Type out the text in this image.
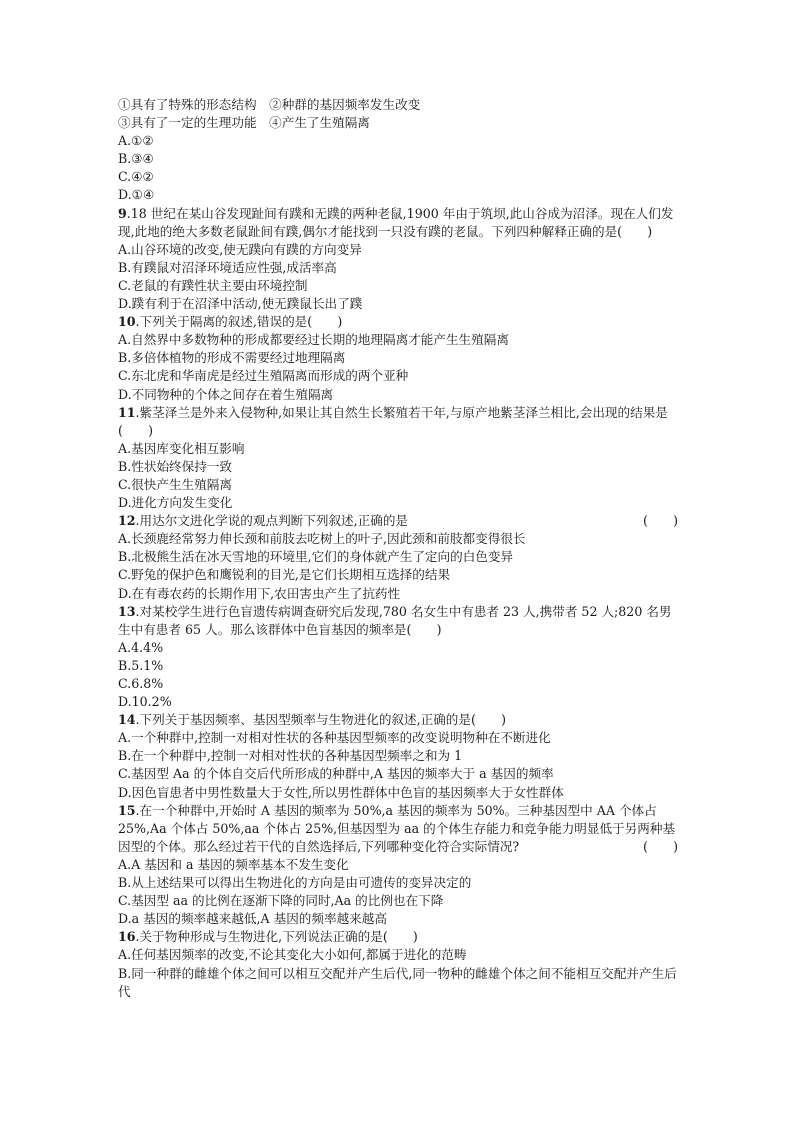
①具有了特殊的形态结构　②种群的基因频率发生改变
③具有了一定的生理功能　④产生了生殖隔离
A.①②
B.③④
C.④②
D.①④
9.18 世纪在某山谷发现趾间有蹼和无蹼的两种老鼠,1900 年由于筑坝,此山谷成为沼泽。现在人们发现,此地的绝大多数老鼠趾间有蹼,偶尔才能找到一只没有蹼的老鼠。下列四种解释正确的是(　　)
A.山谷环境的改变,使无蹼向有蹼的方向变异
B.有蹼鼠对沼泽环境适应性强,成活率高
C.老鼠的有蹼性状主要由环境控制
D.蹼有利于在沼泽中活动,使无蹼鼠长出了蹼
10.下列关于隔离的叙述,错误的是(　　)
A.自然界中多数物种的形成都要经过长期的地理隔离才能产生生殖隔离
B.多倍体植物的形成不需要经过地理隔离
C.东北虎和华南虎是经过生殖隔离而形成的两个亚种
D.不同物种的个体之间存在着生殖隔离
11.紫茎泽兰是外来入侵物种,如果让其自然生长繁殖若干年,与原产地紫茎泽兰相比,会出现的结果是(　　)
A.基因库变化相互影响
B.性状始终保持一致
C.很快产生生殖隔离
D.进化方向发生变化
12.用达尔文进化学说的观点判断下列叙述,正确的是	(　　)
A.长颈鹿经常努力伸长颈和前肢去吃树上的叶子,因此颈和前肢都变得很长
B.北极熊生活在冰天雪地的环境里,它们的身体就产生了定向的白色变异
C.野兔的保护色和鹰锐利的目光,是它们长期相互选择的结果
D.在有毒农药的长期作用下,农田害虫产生了抗药性
13.对某校学生进行色盲遗传病调查研究后发现,780 名女生中有患者 23 人,携带者 52 人;820 名男生中有患者 65 人。那么该群体中色盲基因的频率是(　　)
A.4.4%
B.5.1%
C.6.8%
D.10.2%
14.下列关于基因频率、基因型频率与生物进化的叙述,正确的是(　　)
A.一个种群中,控制一对相对性状的各种基因型频率的改变说明物种在不断进化
B.在一个种群中,控制一对相对性状的各种基因型频率之和为 1
C.基因型 Aa 的个体自交后代所形成的种群中,A 基因的频率大于 a 基因的频率
D.因色盲患者中男性数量大于女性,所以男性群体中色盲的基因频率大于女性群体
15.在一个种群中,开始时 A 基因的频率为 50%,a 基因的频率为 50%。三种基因型中 AA 个体占 25%,Aa 个体占 50%,aa 个体占 25%,但基因型为 aa 的个体生存能力和竞争能力明显低于另两种基因型的个体。那么经过若干代的自然选择后,下列哪种变化符合实际情况?	(　　)
A.A 基因和 a 基因的频率基本不发生变化
B.从上述结果可以得出生物进化的方向是由可遗传的变异决定的
C.基因型 aa 的比例在逐渐下降的同时,Aa 的比例也在下降
D.a 基因的频率越来越低,A 基因的频率越来越高
16.关于物种形成与生物进化,下列说法正确的是(　　)
A.任何基因频率的改变,不论其变化大小如何,都属于进化的范畴
B.同一种群的雌雄个体之间可以相互交配并产生后代,同一物种的雌雄个体之间不能相互交配并产生后代
